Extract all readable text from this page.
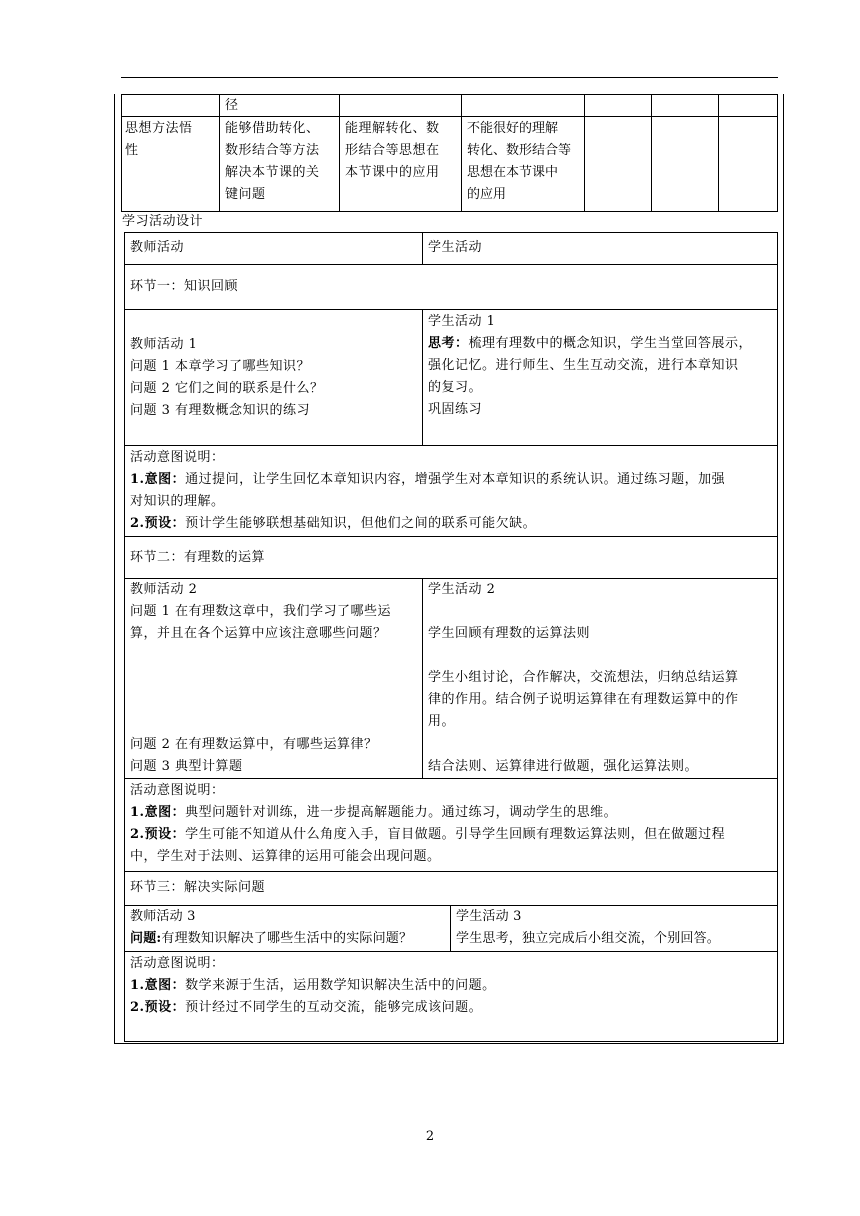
径
思想方法悟
性
能够借助转化、
数形结合等方法
解决本节课的关
键问题
能理解转化、数
形结合等思想在
本节课中的应用
不能很好的理解
转化、数形结合等
思想在本节课中
的应用
学习活动设计
教师活动	学生活动
环节一：知识回顾
教师活动 1
问题 1 本章学习了哪些知识？
问题 2 它们之间的联系是什么？
问题 3 有理数概念知识的练习
学生活动 1
思考：梳理有理数中的概念知识，学生当堂回答展示，
强化记忆。进行师生、生生互动交流，进行本章知识
的复习。
巩固练习
活动意图说明：
1.意图：通过提问，让学生回忆本章知识内容，增强学生对本章知识的系统认识。通过练习题，加强
对知识的理解。
2.预设：预计学生能够联想基础知识，但他们之间的联系可能欠缺。
环节二：有理数的运算
教师活动 2
问题 1 在有理数这章中，我们学习了哪些运
算，并且在各个运算中应该注意哪些问题？
问题 2 在有理数运算中，有哪些运算律？
问题 3 典型计算题
学生活动 2
学生回顾有理数的运算法则
学生小组讨论，合作解决，交流想法，归纳总结运算
律的作用。结合例子说明运算律在有理数运算中的作
用。
结合法则、运算律进行做题，强化运算法则。
活动意图说明：
1.意图：典型问题针对训练，进一步提高解题能力。通过练习，调动学生的思维。
2.预设：学生可能不知道从什么角度入手，盲目做题。引导学生回顾有理数运算法则，但在做题过程
中，学生对于法则、运算律的运用可能会出现问题。
环节三：解决实际问题
教师活动 3
问题:有理数知识解决了哪些生活中的实际问题？
学生活动 3
学生思考，独立完成后小组交流，个别回答。
活动意图说明：
1.意图：数学来源于生活，运用数学知识解决生活中的问题。
2.预设：预计经过不同学生的互动交流，能够完成该问题。
2
